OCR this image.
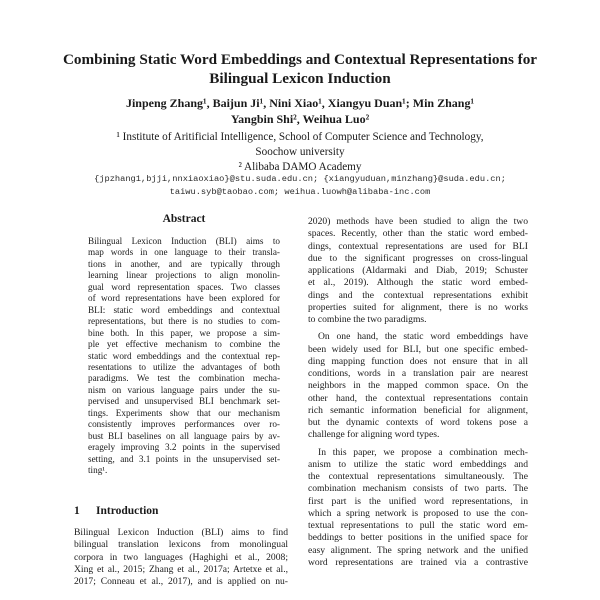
Combining Static Word Embeddings and Contextual Representations for
Bilingual Lexicon Induction
Jinpeng Zhang¹, Baijun Ji¹, Nini Xiao¹, Xiangyu Duan¹; Min Zhang¹
Yangbin Shi², Weihua Luo²
¹ Institute of Aritificial Intelligence, School of Computer Science and Technology,
Soochow university
² Alibaba DAMO Academy
{jpzhang1,bjji,nnxiaoxiao}@stu.suda.edu.cn; {xiangyuduan,minzhang}@suda.edu.cn;
taiwu.syb@taobao.com; weihua.luowh@alibaba-inc.com
Abstract
Bilingual Lexicon Induction (BLI) aims to
map words in one language to their transla-
tions in another, and are typically through
learning linear projections to align monolin-
gual word representation spaces. Two classes
of word representations have been explored for
BLI: static word embeddings and contextual
representations, but there is no studies to com-
bine both. In this paper, we propose a sim-
ple yet effective mechanism to combine the
static word embeddings and the contextual rep-
resentations to utilize the advantages of both
paradigms. We test the combination mecha-
nism on various language pairs under the su-
pervised and unsupervised BLI benchmark set-
tings. Experiments show that our mechanism
consistently improves performances over ro-
bust BLI baselines on all language pairs by av-
eragely improving 3.2 points in the supervised
setting, and 3.1 points in the unsupervised set-
ting¹.
1 Introduction
Bilingual Lexicon Induction (BLI) aims to find
bilingual translation lexicons from monolingual
corpora in two languages (Haghighi et al., 2008;
Xing et al., 2015; Zhang et al., 2017a; Artetxe et al.,
2017; Conneau et al., 2017), and is applied on nu-
2020) methods have been studied to align the two
spaces. Recently, other than the static word embed-
dings, contextual representations are used for BLI
due to the significant progresses on cross-lingual
applications (Aldarmaki and Diab, 2019; Schuster
et al., 2019). Although the static word embed-
dings and the contextual representations exhibit
properties suited for alignment, there is no works
to combine the two paradigms.
On one hand, the static word embeddings have
been widely used for BLI, but one specific embed-
ding mapping function does not ensure that in all
conditions, words in a translation pair are nearest
neighbors in the mapped common space. On the
other hand, the contextual representations contain
rich semantic information beneficial for alignment,
but the dynamic contexts of word tokens pose a
challenge for aligning word types.
In this paper, we propose a combination mech-
anism to utilize the static word embeddings and
the contextual representations simultaneously. The
combination mechanism consists of two parts. The
first part is the unified word representations, in
which a spring network is proposed to use the con-
textual representations to pull the static word em-
beddings to better positions in the unified space for
easy alignment. The spring network and the unified
word representations are trained via a contrastive
